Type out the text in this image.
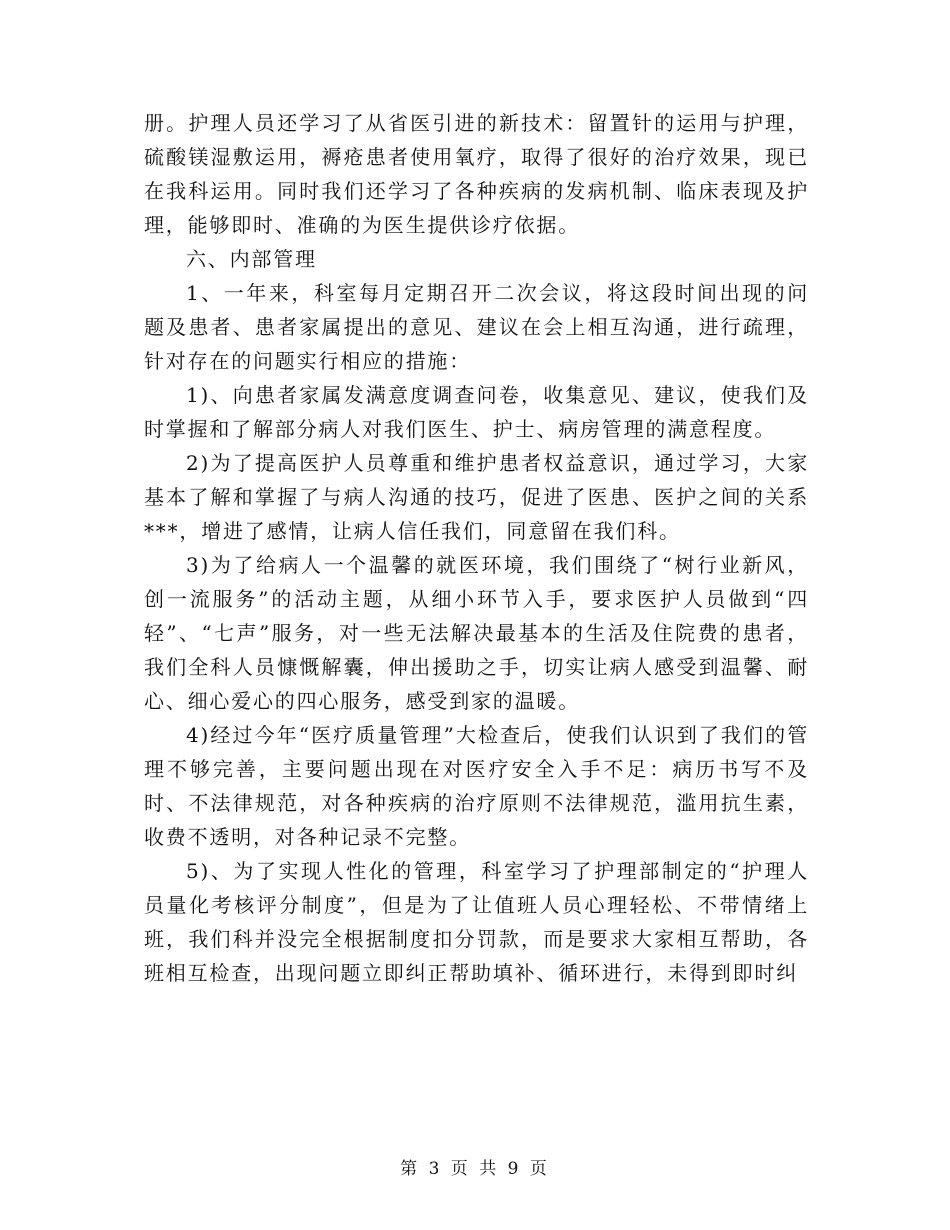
册。护理人员还学习了从省医引进的新技术：留置针的运用与护理，硫酸镁湿敷运用，褥疮患者使用氧疗，取得了很好的治疗效果，现已在我科运用。同时我们还学习了各种疾病的发病机制、临床表现及护理，能够即时、准确的为医生提供诊疗依据。

六、内部管理

1、一年来，科室每月定期召开二次会议，将这段时间出现的问题及患者、患者家属提出的意见、建议在会上相互沟通，进行疏理，针对存在的问题实行相应的措施：

1)、向患者家属发满意度调查问卷，收集意见、建议，使我们及时掌握和了解部分病人对我们医生、护士、病房管理的满意程度。

2)为了提高医护人员尊重和维护患者权益意识，通过学习，大家基本了解和掌握了与病人沟通的技巧，促进了医患、医护之间的关系***，增进了感情，让病人信任我们，同意留在我们科。

3)为了给病人一个温馨的就医环境，我们围绕了“树行业新风，创一流服务”的活动主题，从细小环节入手，要求医护人员做到“四轻”、“七声”服务，对一些无法解决最基本的生活及住院费的患者，我们全科人员慷慨解囊，伸出援助之手，切实让病人感受到温馨、耐心、细心爱心的四心服务，感受到家的温暖。

4)经过今年“医疗质量管理”大检查后，使我们认识到了我们的管理不够完善，主要问题出现在对医疗安全入手不足：病历书写不及时、不法律规范，对各种疾病的治疗原则不法律规范，滥用抗生素，收费不透明，对各种记录不完整。

5)、为了实现人性化的管理，科室学习了护理部制定的“护理人员量化考核评分制度”，但是为了让值班人员心理轻松、不带情绪上班，我们科并没完全根据制度扣分罚款，而是要求大家相互帮助，各班相互检查，出现问题立即纠正帮助填补、循环进行，未得到即时纠

第 3 页 共 9 页
